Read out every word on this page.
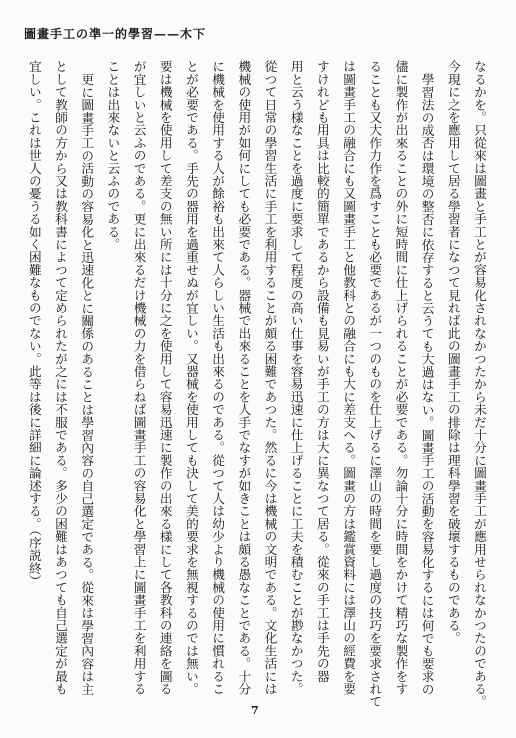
圖畫手工の凖一的學習——木下
なるかを。只從來は圖畫と手工とが容易化されなかつたから未だ十分に圖畫手工が應用せられなかつたのである。
今現に之を應用して居る學習者になつて見れば此の圖畫手工の排除は理科學習を破壞するものである。
學習法の成否は環境の整否に依存すると云うても大過はない。圖畫手工の活動を容易化するには何でも要求の
儘に製作が出來ることの外に短時間に仕上げられることが必要である。勿論十分に時間をかけて精巧な製作をす
ることも又大作力作を爲すことも必要であるが一つのものを仕上げるに澤山の時間を要し過度の技巧を要求されて
は圖畫手工の融合にも又圖畫手工と他教科との融合にも大に差支へる。圖畫の方は鑑賞資料には澤山の經費を要
すけれども用具は比較的簡單であるから設備も見易いが手工の方は大に異なつて居る。從來の手工は手先の器
用と云う樣なことを過度に要求して程度の高い仕事を容易迅速に仕上げることに工夫を積むことが尠なかつた。
從つて日常の學習生活に手工を利用することが頗る困難であつた。然るに今は機械の文明である。文化生活には
機械の使用が如何にしても必要である。器械で出來ることを人手でなすが如きことは頗る愚なことである。十分
に機械を使用する人が餘裕も出來て人らしい生活も出來るのである。從つて人は幼少より機械の使用に慣れるこ
とが必要である。手先の器用を過重せぬが宜しい。又器械を使用しても決して美的要求を無視するのでは無い。
要は機械を使用して差支の無い所には十分に之を使用して容易迅速に製作の出來る樣にして各教科の連絡を圖る
が宜しいと云ふのである。更に出來るだけ機械の力を借らねば圖畫手工の容易化と學習上に圖畫手工を利用する
ことは出來ないと云ふのである。
更に圖畫手工の活動の容易化と迅速化とに關係のあることは學習內容の自己選定である。從來は學習內容は主
として教師の方から又は教科書によつて定められたが之には不服である。多少の困難はあつても自己選定が最も
宜しい。これは世人の憂うる如く困難なものでない。此等は後に詳細に論述する。（序説終）
7
